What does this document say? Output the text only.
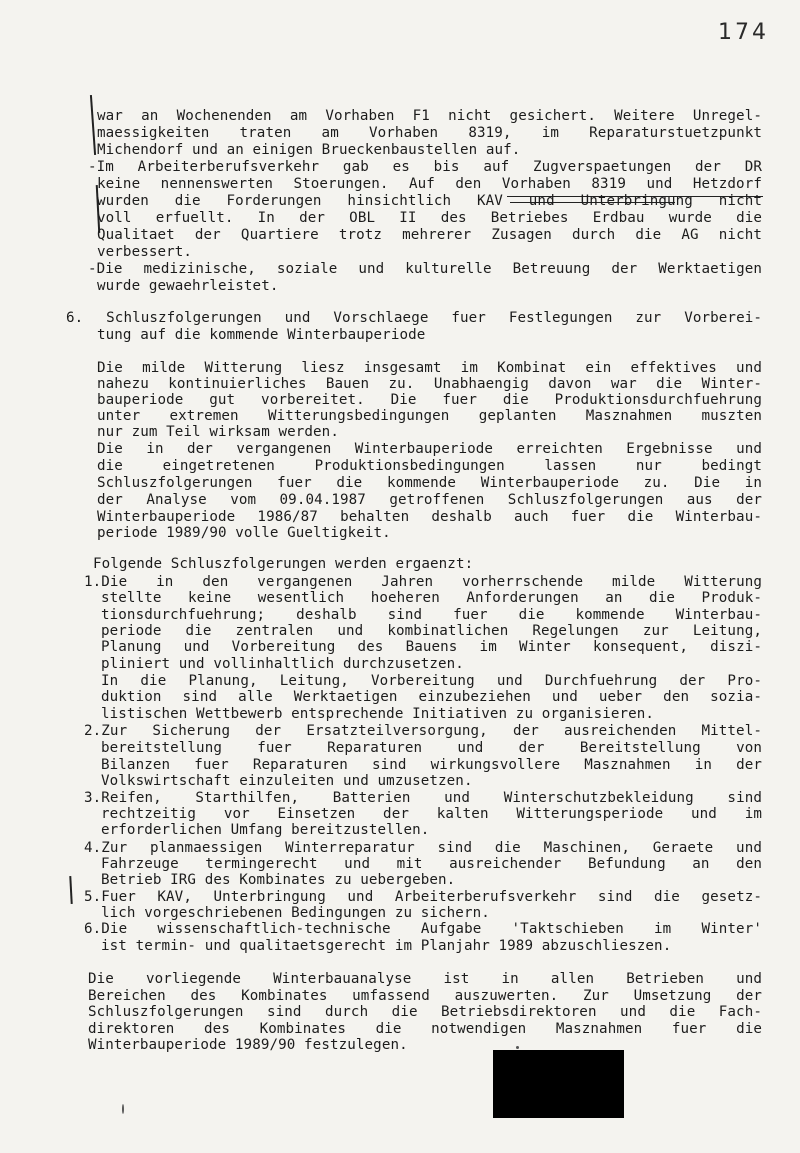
174
war an Wochenenden am Vorhaben F1 nicht gesichert. Weitere Unregel-
maessigkeiten traten am Vorhaben 8319, im Reparaturstuetzpunkt
Michendorf und an einigen Brueckenbaustellen auf.
-Im Arbeiterberufsverkehr gab es bis auf Zugverspaetungen der DR
keine nennenswerten Stoerungen. Auf den Vorhaben 8319 und Hetzdorf
wurden die Forderungen hinsichtlich KAV und Unterbringung nicht
voll erfuellt. In der OBL II des Betriebes Erdbau wurde die
Qualitaet der Quartiere trotz mehrerer Zusagen durch die AG nicht
verbessert.
-Die medizinische, soziale und kulturelle Betreuung der Werktaetigen
wurde gewaehrleistet.
6. Schluszfolgerungen und Vorschlaege fuer Festlegungen zur Vorberei-
tung auf die kommende Winterbauperiode
Die milde Witterung liesz insgesamt im Kombinat ein effektives und
nahezu kontinuierliches Bauen zu. Unabhaengig davon war die Winter-
bauperiode gut vorbereitet. Die fuer die Produktionsdurchfuehrung
unter extremen Witterungsbedingungen geplanten Masznahmen muszten
nur zum Teil wirksam werden.
Die in der vergangenen Winterbauperiode erreichten Ergebnisse und
die eingetretenen Produktionsbedingungen lassen nur bedingt
Schluszfolgerungen fuer die kommende Winterbauperiode zu. Die in
der Analyse vom 09.04.1987 getroffenen Schluszfolgerungen aus der
Winterbauperiode 1986/87 behalten deshalb auch fuer die Winterbau-
periode 1989/90 volle Gueltigkeit.
Folgende Schluszfolgerungen werden ergaenzt:
1.Die in den vergangenen Jahren vorherrschende milde Witterung
stellte keine wesentlich hoeheren Anforderungen an die Produk-
tionsdurchfuehrung; deshalb sind fuer die kommende Winterbau-
periode die zentralen und kombinatlichen Regelungen zur Leitung,
Planung und Vorbereitung des Bauens im Winter konsequent, diszi-
pliniert und vollinhaltlich durchzusetzen.
In die Planung, Leitung, Vorbereitung und Durchfuehrung der Pro-
duktion sind alle Werktaetigen einzubeziehen und ueber den sozia-
listischen Wettbewerb entsprechende Initiativen zu organisieren.
2.Zur Sicherung der Ersatzteilversorgung, der ausreichenden Mittel-
bereitstellung fuer Reparaturen und der Bereitstellung von
Bilanzen fuer Reparaturen sind wirkungsvollere Masznahmen in der
Volkswirtschaft einzuleiten und umzusetzen.
3.Reifen, Starthilfen, Batterien und Winterschutzbekleidung sind
rechtzeitig vor Einsetzen der kalten Witterungsperiode und im
erforderlichen Umfang bereitzustellen.
4.Zur planmaessigen Winterreparatur sind die Maschinen, Geraete und
Fahrzeuge termingerecht und mit ausreichender Befundung an den
Betrieb IRG des Kombinates zu uebergeben.
5.Fuer KAV, Unterbringung und Arbeiterberufsverkehr sind die gesetz-
lich vorgeschriebenen Bedingungen zu sichern.
6.Die wissenschaftlich-technische Aufgabe 'Taktschieben im Winter'
ist termin- und qualitaetsgerecht im Planjahr 1989 abzuschlieszen.
Die vorliegende Winterbauanalyse ist in allen Betrieben und
Bereichen des Kombinates umfassend auszuwerten. Zur Umsetzung der
Schluszfolgerungen sind durch die Betriebsdirektoren und die Fach-
direktoren des Kombinates die notwendigen Masznahmen fuer die
Winterbauperiode 1989/90 festzulegen.
